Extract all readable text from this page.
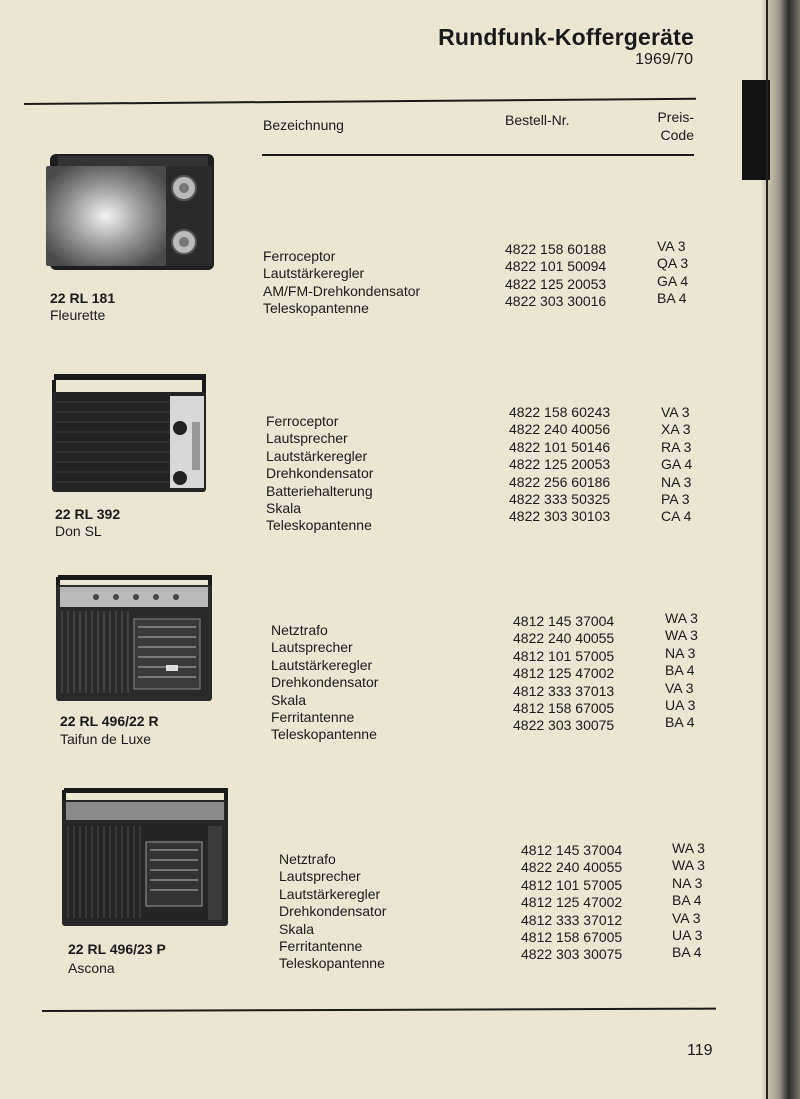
Rundfunk-Koffergeräte
1969/70
Bezeichnung	Bestell-Nr.	Preis-
Code
22 RL 181
Fleurette
Ferroceptor
Lautstärkeregler
AM/FM-Drehkondensator
Teleskopantenne
4822 158 60188
4822 101 50094
4822 125 20053
4822 303 30016
VA 3
QA 3
GA 4
BA 4
22 RL 392
Don SL
Ferroceptor
Lautsprecher
Lautstärkeregler
Drehkondensator
Batteriehalterung
Skala
Teleskopantenne
4822 158 60243
4822 240 40056
4822 101 50146
4822 125 20053
4822 256 60186
4822 333 50325
4822 303 30103
VA 3
XA 3
RA 3
GA 4
NA 3
PA 3
CA 4
22 RL 496/22 R
Taifun de Luxe
Netztrafo
Lautsprecher
Lautstärkeregler
Drehkondensator
Skala
Ferritantenne
Teleskopantenne
4812 145 37004
4822 240 40055
4812 101 57005
4812 125 47002
4812 333 37013
4812 158 67005
4822 303 30075
WA 3
WA 3
NA 3
BA 4
VA 3
UA 3
BA 4
22 RL 496/23 P
Ascona
Netztrafo
Lautsprecher
Lautstärkeregler
Drehkondensator
Skala
Ferritantenne
Teleskopantenne
4812 145 37004
4822 240 40055
4812 101 57005
4812 125 47002
4812 333 37012
4812 158 67005
4822 303 30075
WA 3
WA 3
NA 3
BA 4
VA 3
UA 3
BA 4
119
